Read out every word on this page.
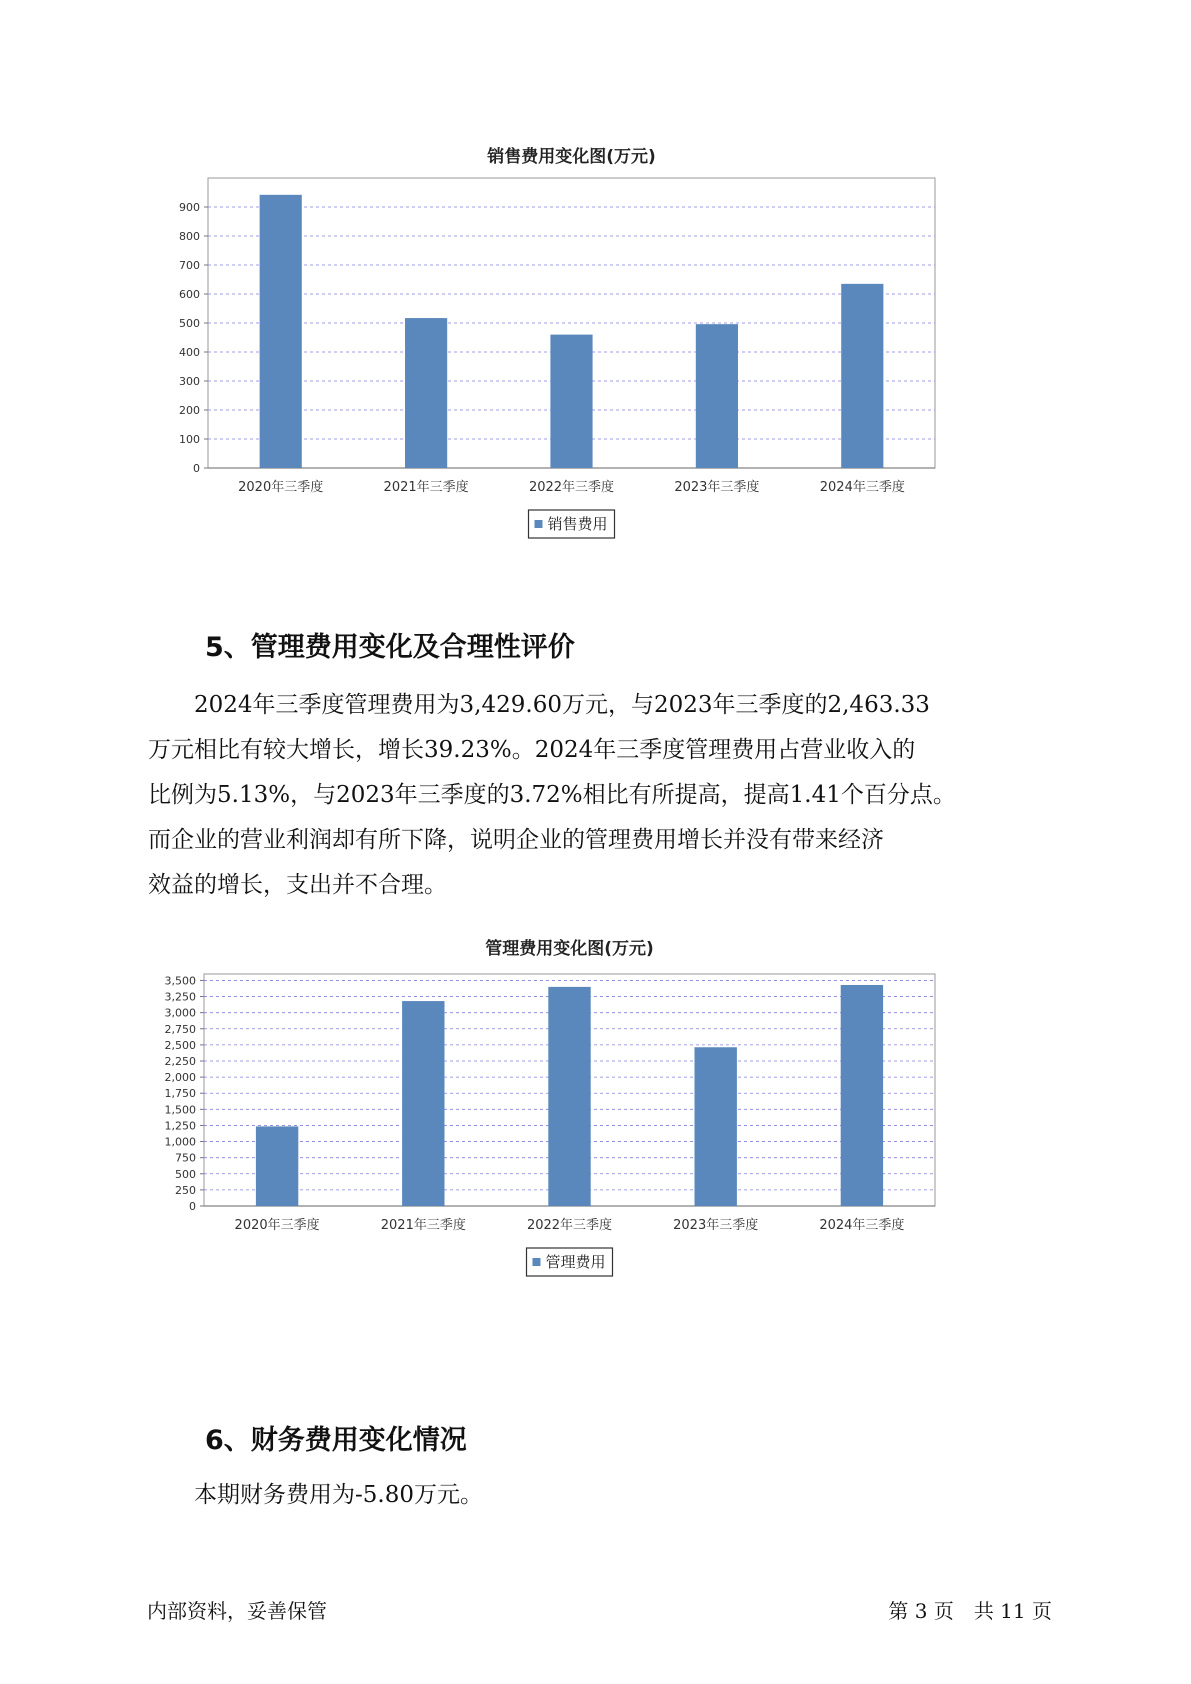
销售费用变化图(万元)
0
100
200
300
400
500
600
700
800
900
2020年三季度	2021年三季度	2022年三季度	2023年三季度	2024年三季度
销售费用
5、管理费用变化及合理性评价
　　2024年三季度管理费用为3,429.60万元，与2023年三季度的2,463.33
万元相比有较大增长，增长39.23%。2024年三季度管理费用占营业收入的
比例为5.13%，与2023年三季度的3.72%相比有所提高，提高1.41个百分点。
而企业的营业利润却有所下降，说明企业的管理费用增长并没有带来经济
效益的增长，支出并不合理。
管理费用变化图(万元)
0
250
500
750
1,000
1,250
1,500
1,750
2,000
2,250
2,500
2,750
3,000
3,250
3,500
2020年三季度	2021年三季度	2022年三季度	2023年三季度	2024年三季度
管理费用
6、财务费用变化情况
　　本期财务费用为-5.80万元。
内部资料，妥善保管	第 3 页　共 11 页
